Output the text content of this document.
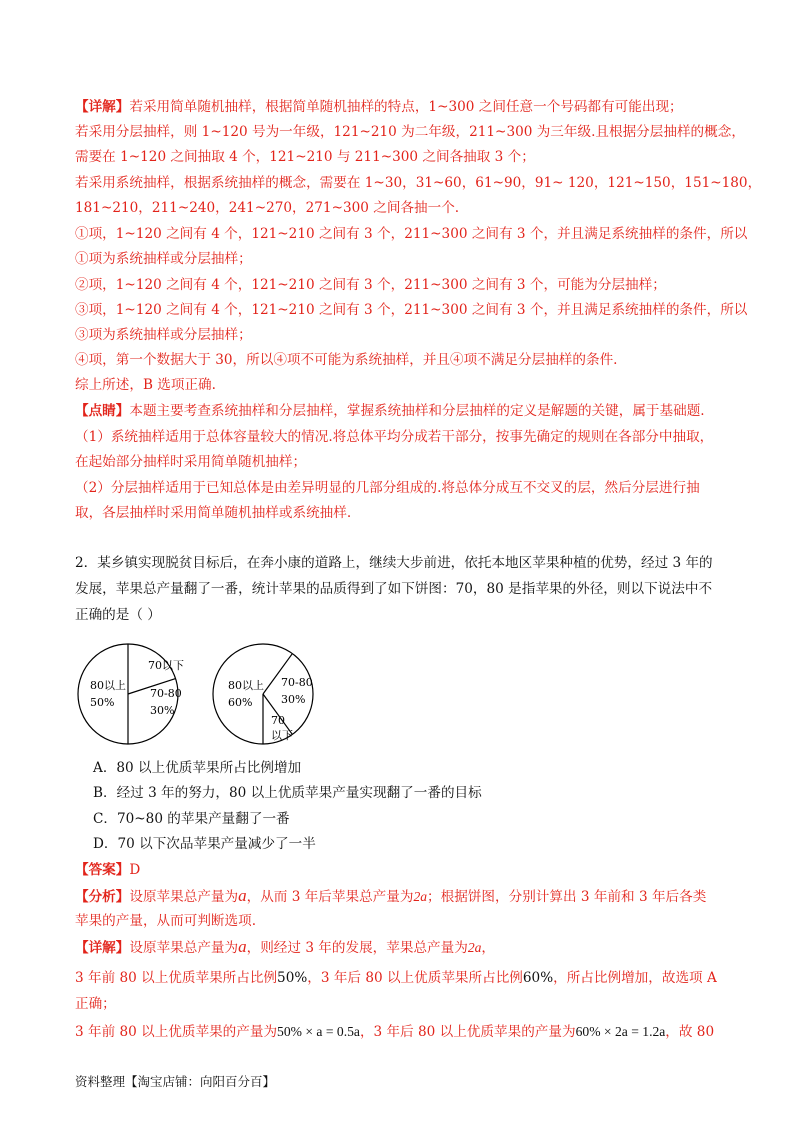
【详解】若采用简单随机抽样，根据简单随机抽样的特点，1~300 之间任意一个号码都有可能出现；
若采用分层抽样，则 1~120 号为一年级，121~210 为二年级，211~300 为三年级.且根据分层抽样的概念，
需要在 1~120 之间抽取 4 个，121~210 与 211~300 之间各抽取 3 个；
若采用系统抽样，根据系统抽样的概念，需要在 1~30，31~60，61~90，91~ 120，121~150，151~180，
181~210，211~240，241~270，271~300 之间各抽一个.
①项，1~120 之间有 4 个，121~210 之间有 3 个，211~300 之间有 3 个，并且满足系统抽样的条件，所以
①项为系统抽样或分层抽样；
②项，1~120 之间有 4 个，121~210 之间有 3 个，211~300 之间有 3 个，可能为分层抽样；
③项，1~120 之间有 4 个，121~210 之间有 3 个，211~300 之间有 3 个，并且满足系统抽样的条件，所以
③项为系统抽样或分层抽样；
④项，第一个数据大于 30，所以④项不可能为系统抽样，并且④项不满足分层抽样的条件.
综上所述，B 选项正确.
【点睛】本题主要考查系统抽样和分层抽样，掌握系统抽样和分层抽样的定义是解题的关键，属于基础题.
（1）系统抽样适用于总体容量较大的情况.将总体平均分成若干部分，按事先确定的规则在各部分中抽取，
在起始部分抽样时采用简单随机抽样；
（2）分层抽样适用于已知总体是由差异明显的几部分组成的.将总体分成互不交叉的层，然后分层进行抽
取，各层抽样时采用简单随机抽样或系统抽样.
2．某乡镇实现脱贫目标后，在奔小康的道路上，继续大步前进，依托本地区苹果种植的优势，经过 3 年的
发展，苹果总产量翻了一番，统计苹果的品质得到了如下饼图：70，80 是指苹果的外径，则以下说法中不
正确的是（ ）
80以上
50%
70以下
70-80
30%
80以上
60%
70-80
30%
70
以下
A．80 以上优质苹果所占比例增加
B．经过 3 年的努力，80 以上优质苹果产量实现翻了一番的目标
C．70~80 的苹果产量翻了一番
D．70 以下次品苹果产量减少了一半
【答案】D
【分析】设原苹果总产量为a，从而 3 年后苹果总产量为2a；根据饼图，分别计算出 3 年前和 3 年后各类
苹果的产量，从而可判断选项.
【详解】设原苹果总产量为a，则经过 3 年的发展，苹果总产量为2a，
3 年前 80 以上优质苹果所占比例50%，3 年后 80 以上优质苹果所占比例60%，所占比例增加，故选项 A
正确；
3 年前 80 以上优质苹果的产量为50% × a = 0.5a，3 年后 80 以上优质苹果的产量为60% × 2a = 1.2a，故 80
资料整理【淘宝店铺：向阳百分百】
